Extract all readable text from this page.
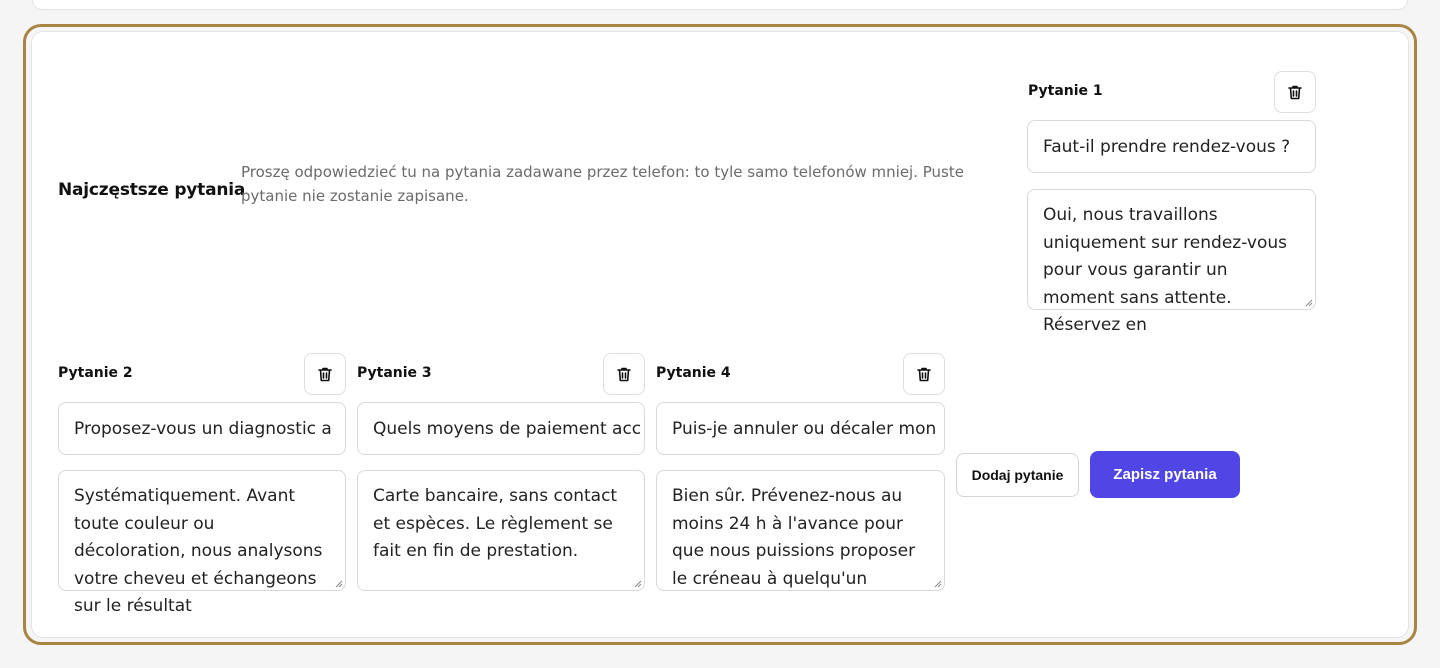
Najczęstsze pytania

Proszę odpowiedzieć tu na pytania zadawane przez telefon: to tyle samo telefonów mniej. Puste pytanie nie zostanie zapisane.

Pytanie 1
Faut-il prendre rendez-vous ?
Oui, nous travaillons uniquement sur rendez-vous pour vous garantir un moment sans attente. Réservez en
Pytanie 2
Proposez-vous un diagnostic a
Systématiquement. Avant toute couleur ou décoloration, nous analysons votre cheveu et échangeons sur le résultat
Pytanie 3
Quels moyens de paiement acc
Carte bancaire, sans contact et espèces. Le règlement se fait en fin de prestation.
Pytanie 4
Puis-je annuler ou décaler mon
Bien sûr. Prévenez-nous au moins 24 h à l'avance pour que nous puissions proposer le créneau à quelqu'un
Dodaj pytanie	Zapisz pytania
